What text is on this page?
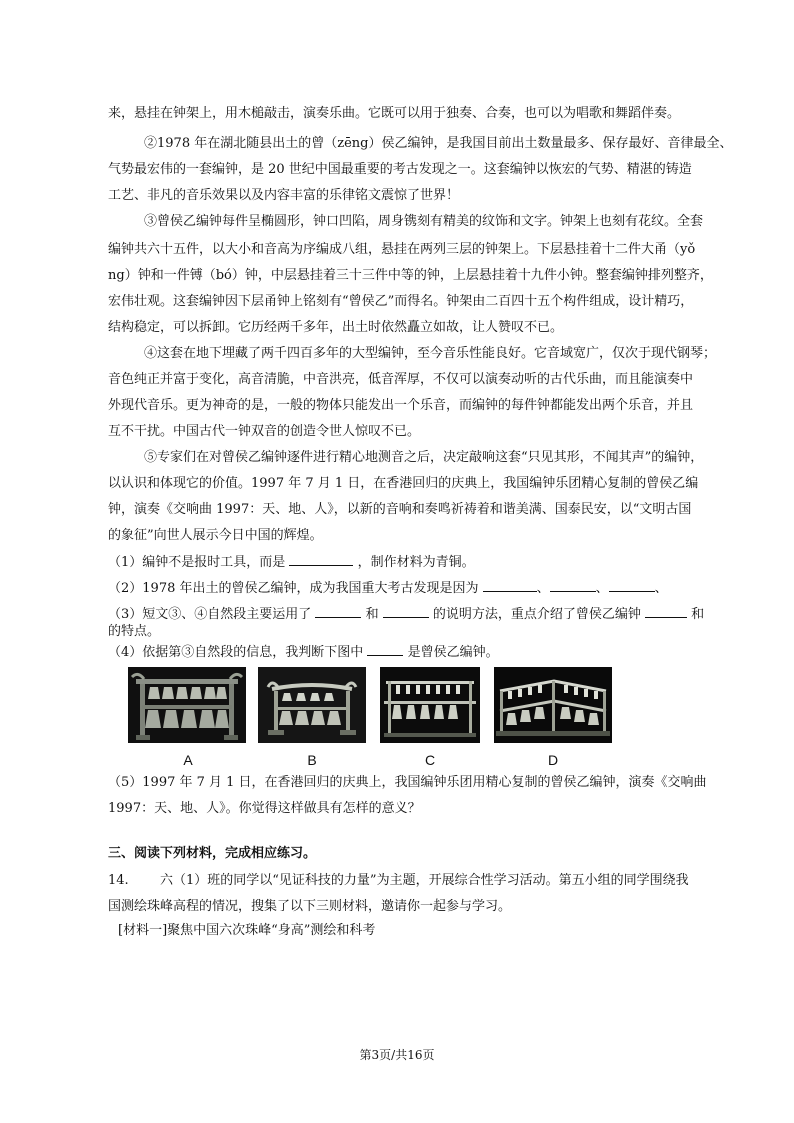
来，悬挂在钟架上，用木槌敲击，演奏乐曲。它既可以用于独奏、合奏，也可以为唱歌和舞蹈伴奏。
②1978 年在湖北随县出土的曾（zēng）侯乙编钟，是我国目前出土数量最多、保存最好、音律最全、
气势最宏伟的一套编钟，是 20 世纪中国最重要的考古发现之一。这套编钟以恢宏的气势、精湛的铸造
工艺、非凡的音乐效果以及内容丰富的乐律铭文震惊了世界！
③曾侯乙编钟每件呈椭圆形，钟口凹陷，周身镌刻有精美的纹饰和文字。钟架上也刻有花纹。全套
编钟共六十五件，以大小和音高为序编成八组，悬挂在两列三层的钟架上。下层悬挂着十二件大甬（yǒ
ng）钟和一件镈（bó）钟，中层悬挂着三十三件中等的钟，上层悬挂着十九件小钟。整套编钟排列整齐，
宏伟壮观。这套编钟因下层甬钟上铭刻有“曾侯乙”而得名。钟架由二百四十五个构件组成，设计精巧，
结构稳定，可以拆卸。它历经两千多年，出土时依然矗立如故，让人赞叹不已。
④这套在地下埋藏了两千四百多年的大型编钟，至今音乐性能良好。它音域宽广，仅次于现代钢琴；
音色纯正并富于变化，高音清脆，中音洪亮，低音浑厚，不仅可以演奏动听的古代乐曲，而且能演奏中
外现代音乐。更为神奇的是，一般的物体只能发出一个乐音，而编钟的每件钟都能发出两个乐音，并且
互不干扰。中国古代一钟双音的创造令世人惊叹不已。
⑤专家们在对曾侯乙编钟逐件进行精心地测音之后，决定敲响这套“只见其形，不闻其声”的编钟，
以认识和体现它的价值。1997 年 7 月 1 日，在香港回归的庆典上，我国编钟乐团精心复制的曾侯乙编
钟，演奏《交响曲 1997：天、地、人》，以新的音响和奏鸣祈祷着和谐美满、国泰民安，以“文明古国
的象征”向世人展示今日中国的辉煌。
（1）编钟不是报时工具，而是	，制作材料为青铜。
（2）1978 年出土的曾侯乙编钟，成为我国重大考古发现是因为	、	、	、
（3）短文③、④自然段主要运用了	和	的说明方法，重点介绍了曾侯乙编钟	和
的特点。
（4）依据第③自然段的信息，我判断下图中	是曾侯乙编钟。
A	B	C	D
（5）1997 年 7 月 1 日，在香港回归的庆典上，我国编钟乐团用精心复制的曾侯乙编钟，演奏《交响曲
1997：天、地、人》。你觉得这样做具有怎样的意义？
三、阅读下列材料，完成相应练习。
14.	六（1）班的同学以“见证科技的力量”为主题，开展综合性学习活动。第五小组的同学围绕我
国测绘珠峰高程的情况，搜集了以下三则材料，邀请你一起参与学习。
[材料一]聚焦中国六次珠峰“身高”测绘和科考
第3页/共16页
